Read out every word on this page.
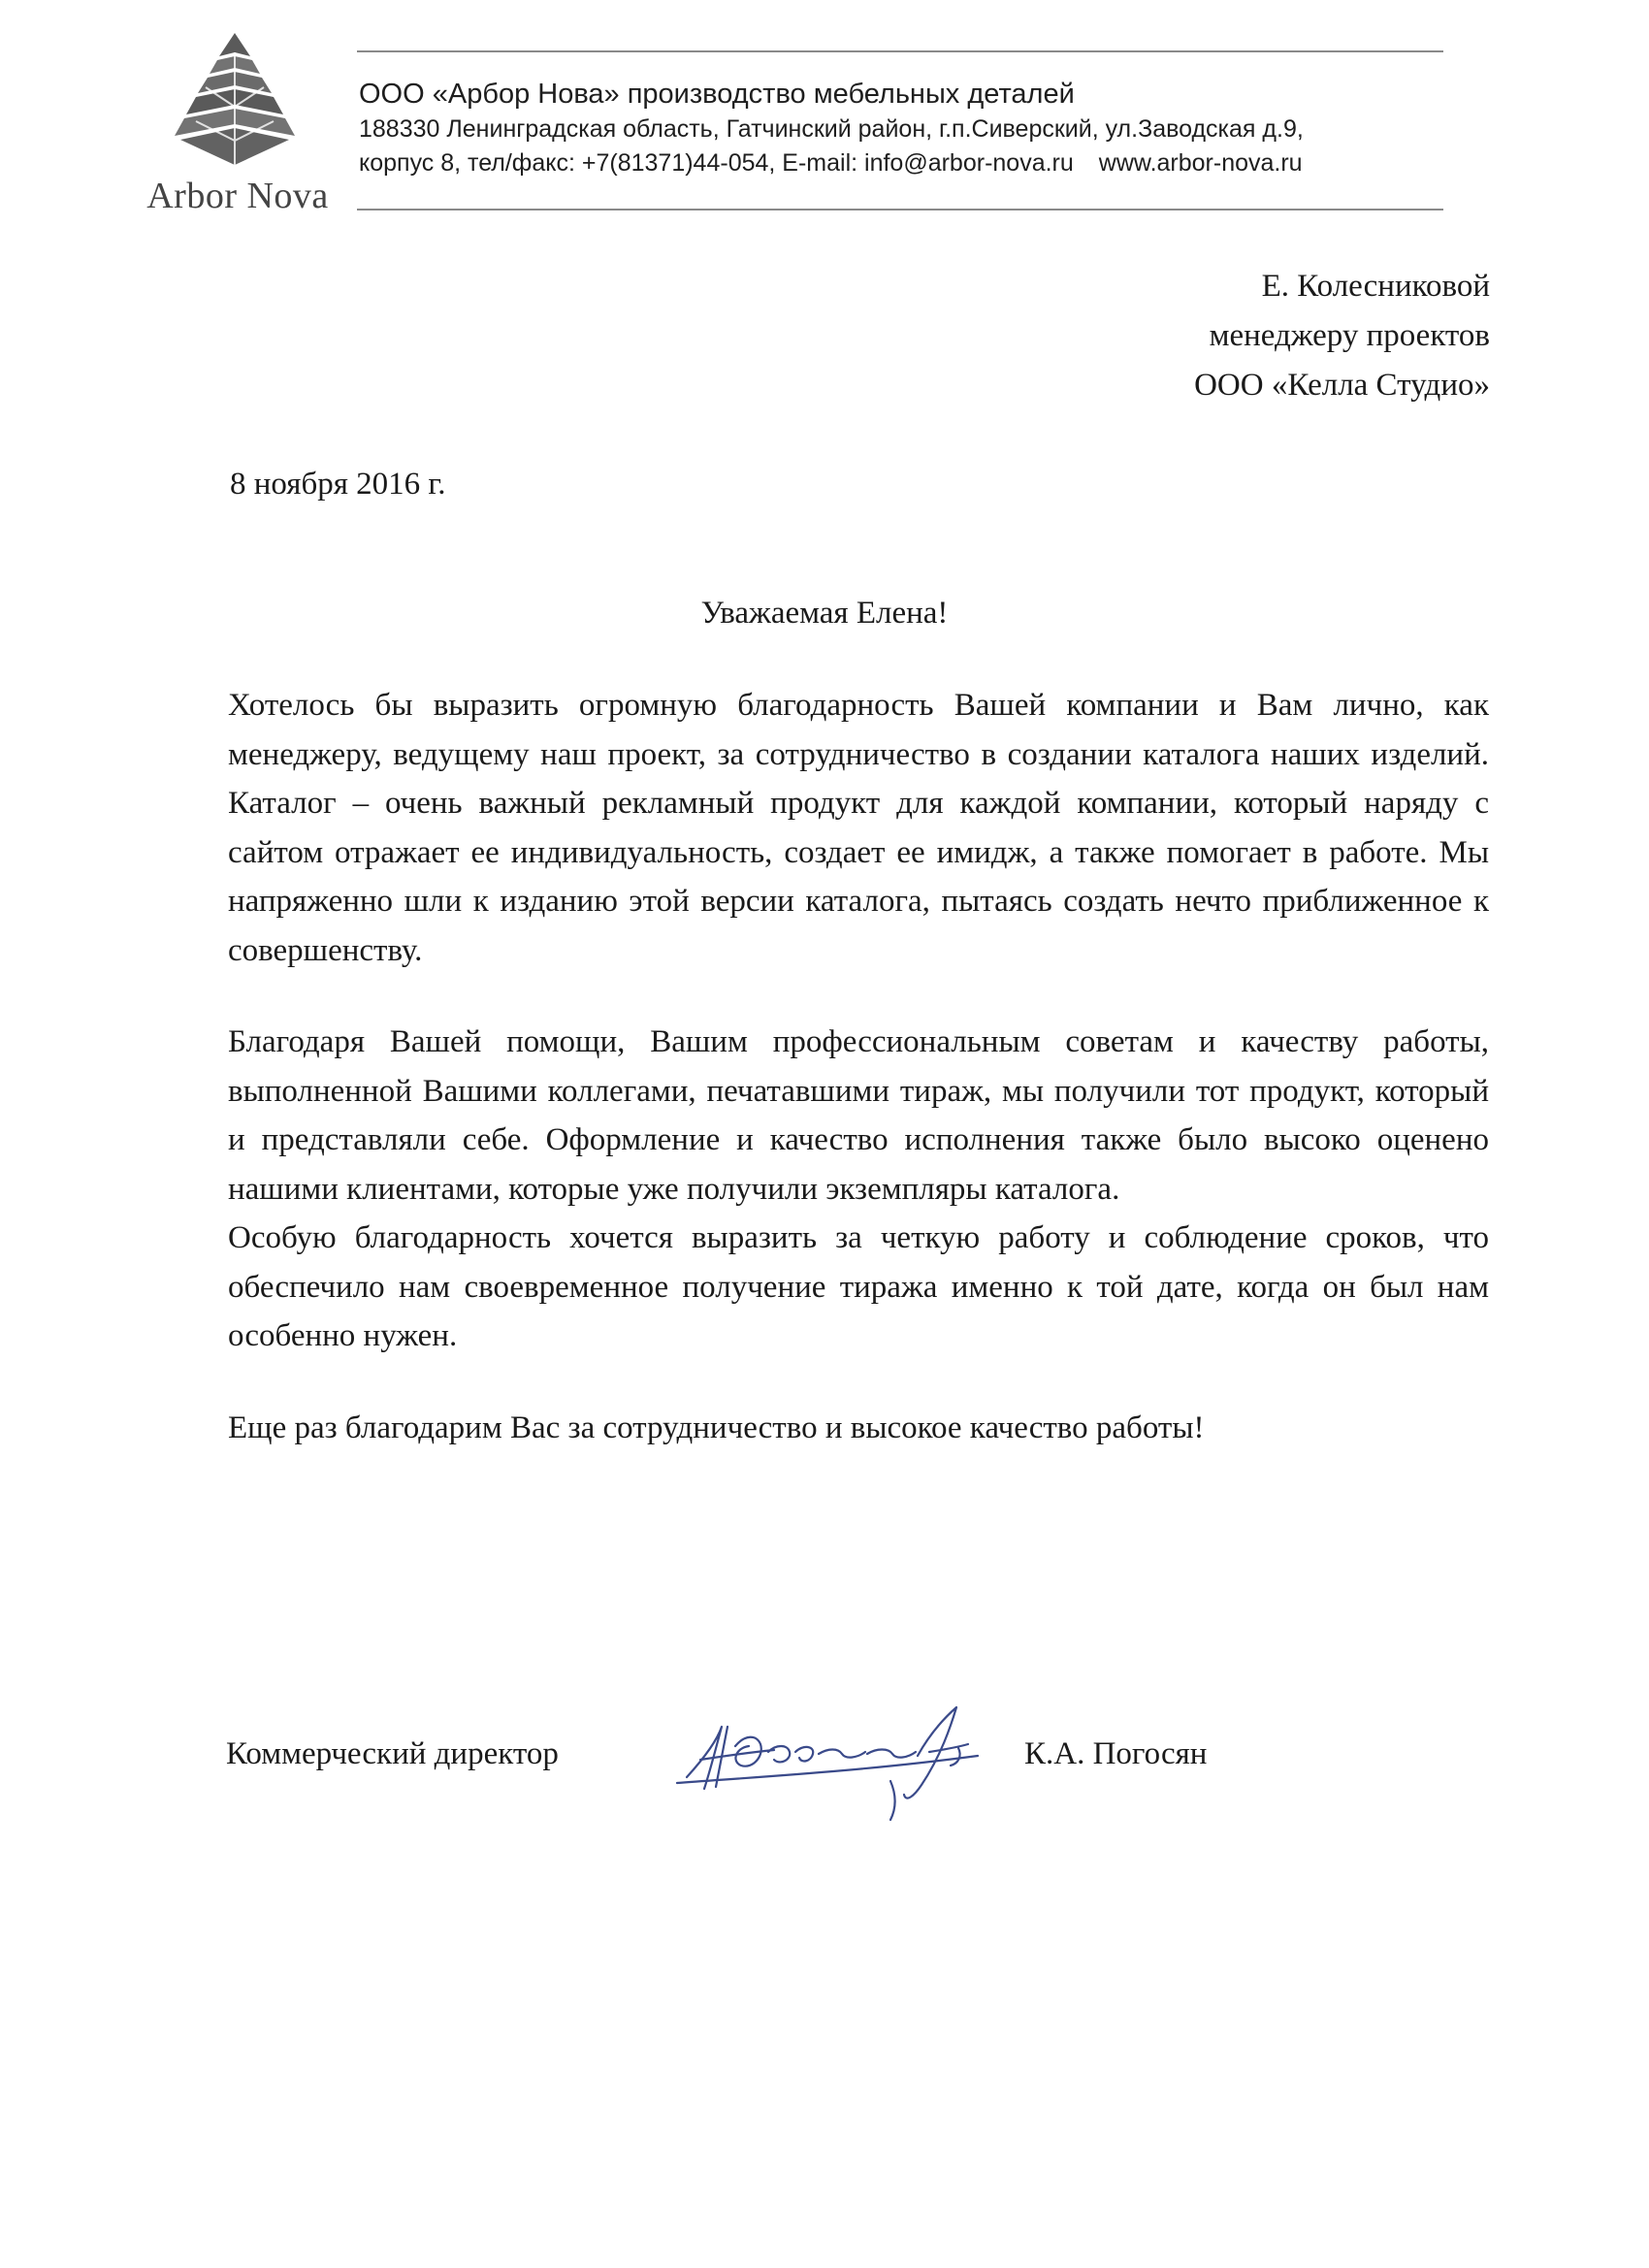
Arbor Nova

ООО «Арбор Нова» производство мебельных деталей

188330 Ленинградская область, Гатчинский район, г.п.Сиверский, ул.Заводская д.9,

корпус 8, тел/факс: +7(81371)44-054, E-mail: info@arbor-nova.ru www.arbor-nova.ru

Е. Колесниковой
менеджеру проектов
ООО «Келла Студио»
8 ноября 2016 г.
Уважаемая Елена!

Хотелось бы выразить огромную благодарность Вашей компании и Вам лично, как менеджеру, ведущему наш проект, за сотрудничество в создании каталога наших изделий. Каталог – очень важный рекламный продукт для каждой компании, который наряду с сайтом отражает ее индивидуальность, создает ее имидж, а также помогает в работе. Мы напряженно шли к изданию этой версии каталога, пытаясь создать нечто приближенное к совершенству.

Благодаря Вашей помощи, Вашим профессиональным советам и качеству работы, выполненной Вашими коллегами, печатавшими тираж, мы получили тот продукт, который и представляли себе. Оформление и качество исполнения также было высоко оценено нашими клиентами, которые уже получили экземпляры каталога.

Особую благодарность хочется выразить за четкую работу и соблюдение сроков, что обеспечило нам своевременное получение тиража именно к той дате, когда он был нам особенно нужен.

Еще раз благодарим Вас за сотрудничество и высокое качество работы!

Коммерческий директор	К.А. Погосян
